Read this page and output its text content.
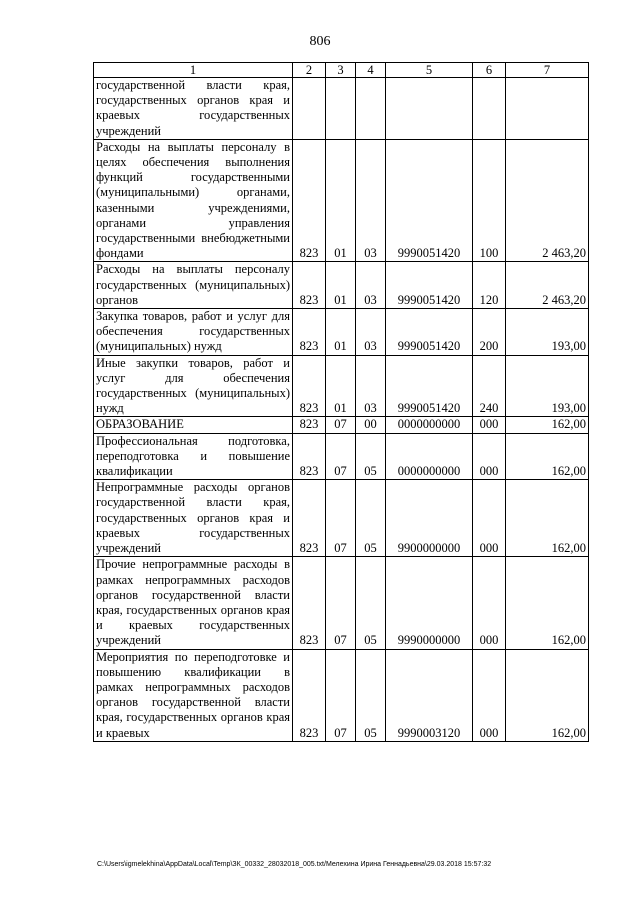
806
1	2	3	4	5	6	7
государственной власти края, государственных органов края и краевых государственных учреждений						
Расходы на выплаты персоналу в целях обеспечения выполнения функций государственными (муниципальными) органами, казенными учреждениями, органами управления государственными внебюджетными фондами	823	01	03	9990051420	100	2 463,20
Расходы на выплаты персоналу государственных (муниципальных) органов	823	01	03	9990051420	120	2 463,20
Закупка товаров, работ и услуг для обеспечения государственных (муниципальных) нужд	823	01	03	9990051420	200	193,00
Иные закупки товаров, работ и услуг для обеспечения государственных (муниципальных) нужд	823	01	03	9990051420	240	193,00
ОБРАЗОВАНИЕ	823	07	00	0000000000	000	162,00
Профессиональная подготовка, переподготовка и повышение квалификации	823	07	05	0000000000	000	162,00
Непрограммные расходы органов государственной власти края, государственных органов края и краевых государственных учреждений	823	07	05	9900000000	000	162,00
Прочие непрограммные расходы в рамках непрограммных расходов органов государственной власти края, государственных органов края и краевых государственных учреждений	823	07	05	9990000000	000	162,00
Мероприятия по переподготовке и повышению квалификации в рамках непрограммных расходов органов государственной власти края, государственных органов края и краевых	823	07	05	9990003120	000	162,00
C:\Users\igmelekhina\AppData\Local\Temp\ЗК_00332_28032018_005.txt/Мелехина Ирина Геннадьевна\29.03.2018 15:57:32
